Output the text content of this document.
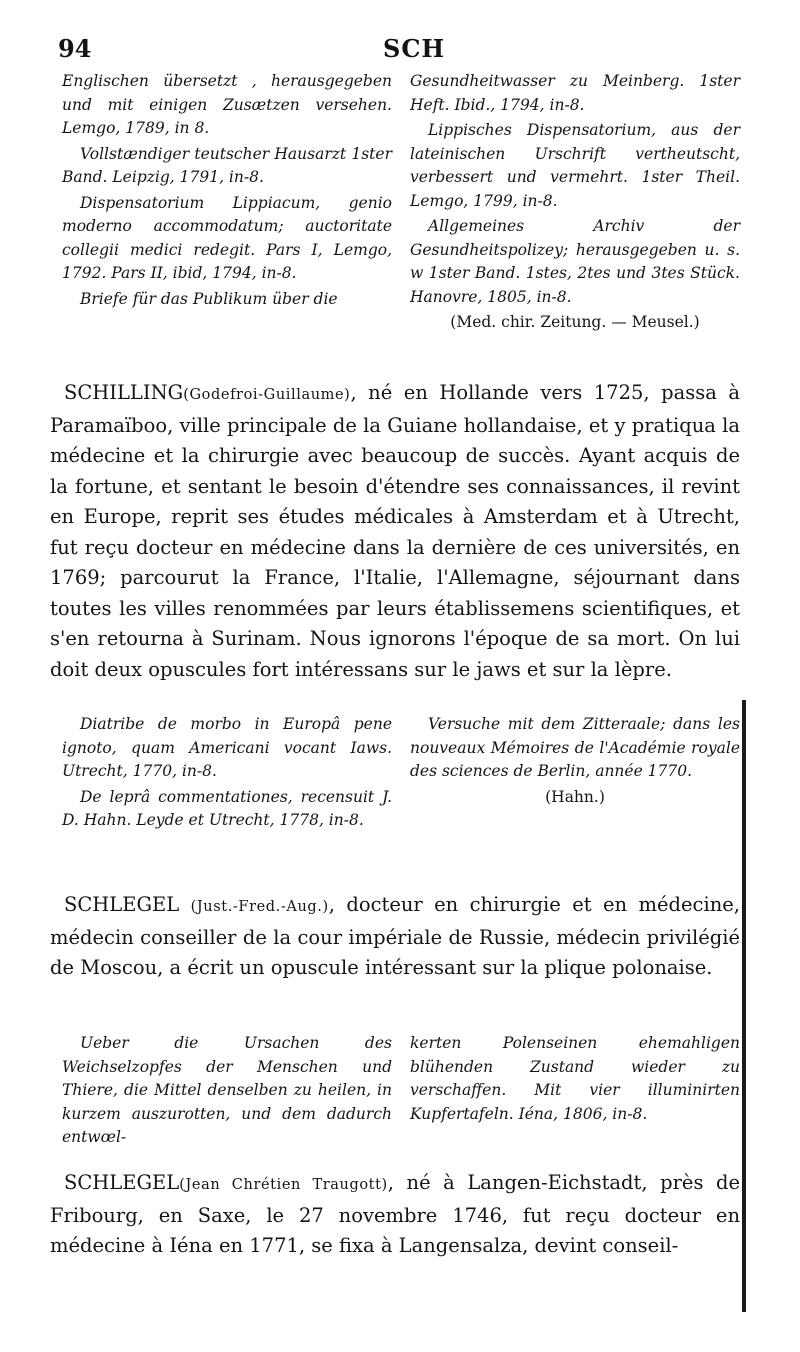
94	SCH

Englischen übersetzt , herausgegeben und mit einigen Zusætzen versehen. Lemgo, 1789, in 8.

Vollstændiger teutscher Hausarzt 1ster Band. Leipzig, 1791, in-8.

Dispensatorium Lippiacum, genio moderno accommodatum; auctoritate collegii medici redegit. Pars I, Lemgo, 1792. Pars II, ibid, 1794, in-8.

Briefe für das Publikum über die

Gesundheitwasser zu Meinberg. 1ster Heft. Ibid., 1794, in-8.

Lippisches Dispensatorium, aus der lateinischen Urschrift vertheutscht, verbessert und vermehrt. 1ster Theil. Lemgo, 1799, in-8.

Allgemeines Archiv der Gesundheitspolizey; herausgegeben u. s. w 1ster Band. 1stes, 2tes und 3tes Stück. Hanovre, 1805, in-8.

(Med. chir. Zeitung. — Meusel.)

SCHILLING(Godefroi-Guillaume), né en Hollande vers 1725, passa à Paramaïboo, ville principale de la Guiane hollandaise, et y pratiqua la médecine et la chirurgie avec beaucoup de succès. Ayant acquis de la fortune, et sentant le besoin d'étendre ses connaissances, il revint en Europe, reprit ses études médicales à Amsterdam et à Utrecht, fut reçu docteur en médecine dans la dernière de ces universités, en 1769; parcourut la France, l'Italie, l'Allemagne, séjournant dans toutes les villes renommées par leurs établissemens scientifiques, et s'en retourna à Surinam. Nous ignorons l'époque de sa mort. On lui doit deux opuscules fort intéressans sur le jaws et sur la lèpre.

Diatribe de morbo in Europâ pene ignoto, quam Americani vocant Iaws. Utrecht, 1770, in-8.

De leprâ commentationes, recensuit J. D. Hahn. Leyde et Utrecht, 1778, in-8.

Versuche mit dem Zitteraale; dans les nouveaux Mémoires de l'Académie royale des sciences de Berlin, année 1770.

(Hahn.)

SCHLEGEL (Just.-Fred.-Aug.), docteur en chirurgie et en médecine, médecin conseiller de la cour impériale de Russie, médecin privilégié de Moscou, a écrit un opuscule intéressant sur la plique polonaise.

Ueber die Ursachen des Weichselzopfes der Menschen und Thiere, die Mittel denselben zu heilen, in kurzem auszurotten, und dem dadurch entwœl-

kerten Polenseinen ehemahligen blühenden Zustand wieder zu verschaffen. Mit vier illuminirten Kupfertafeln. Iéna, 1806, in-8.

SCHLEGEL(Jean Chrétien Traugott), né à Langen-Eichstadt, près de Fribourg, en Saxe, le 27 novembre 1746, fut reçu docteur en médecine à Iéna en 1771, se fixa à Langensalza, devint conseil-
